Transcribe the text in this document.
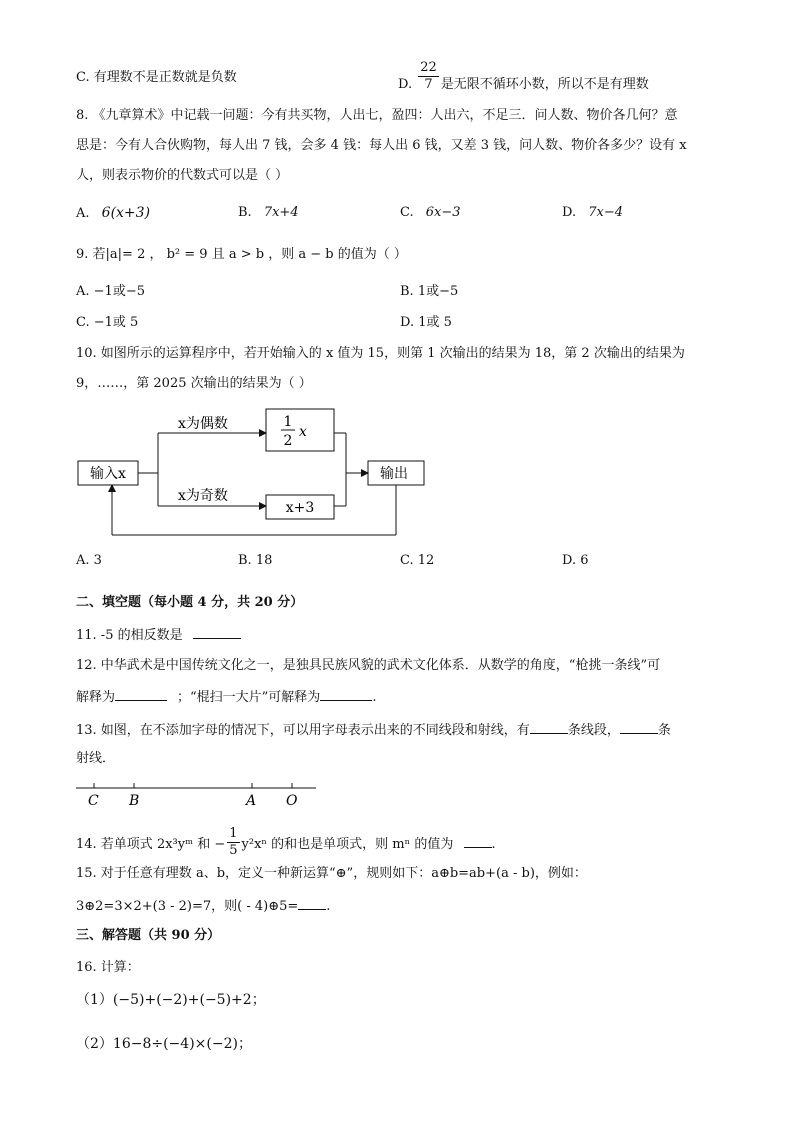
C. 有理数不是正数就是负数	D. $\frac{22}{7}$ 是无限不循环小数，所以不是有理数
8. 《九章算术》中记载一问题：今有共买物，人出七，盈四：人出六，不足三．问人数、物价各几何？意
思是：今有人合伙购物，每人出 7 钱，会多 4 钱：每人出 6 钱，又差 3 钱，问人数、物价各多少？设有 x
人，则表示物价的代数式可以是（ ）
A. 6(x+3)	B. 7x+4	C. 6x−3	D. 7x−4
9. 若|a|= 2 ， b² = 9 且 a > b ，则 a − b 的值为（ ）
A. −1或−5	B. 1或−5
C. −1或 5	D. 1或 5
10. 如图所示的运算程序中，若开始输入的 x 值为 15，则第 1 次输出的结果为 18，第 2 次输出的结果为
9，……，第 2025 次输出的结果为（ ）
输入x
x为偶数
x为奇数
1
2
x
x+3
输出
A. 3	B. 18	C. 12	D. 6
二、填空题（每小题 4 分，共 20 分）
11. -5 的相反数是
12. 中华武术是中国传统文化之一，是独具民族风貌的武术文化体系．从数学的角度，“枪挑一条线”可
解释为	；“棍扫一大片”可解释为	.
13. 如图，在不添加字母的情况下，可以用字母表示出来的不同线段和射线，有	条线段，	条
射线．
C B	A O
14. 若单项式 2x³yᵐ 和 − $\frac{1}{5} y^2x^n$ 的和也是单项式，则 mⁿ 的值为	.
15. 对于任意有理数 a、b，定义一种新运算“⊕”，规则如下：a⊕b=ab+(a - b)，例如：
3⊕2=3×2+(3 - 2)=7，则( - 4)⊕5= .
三、解答题（共 90 分）
16. 计算：
（1）(−5)+(−2)+(−5)+2；
（2）16−8÷(−4)×(−2)；
